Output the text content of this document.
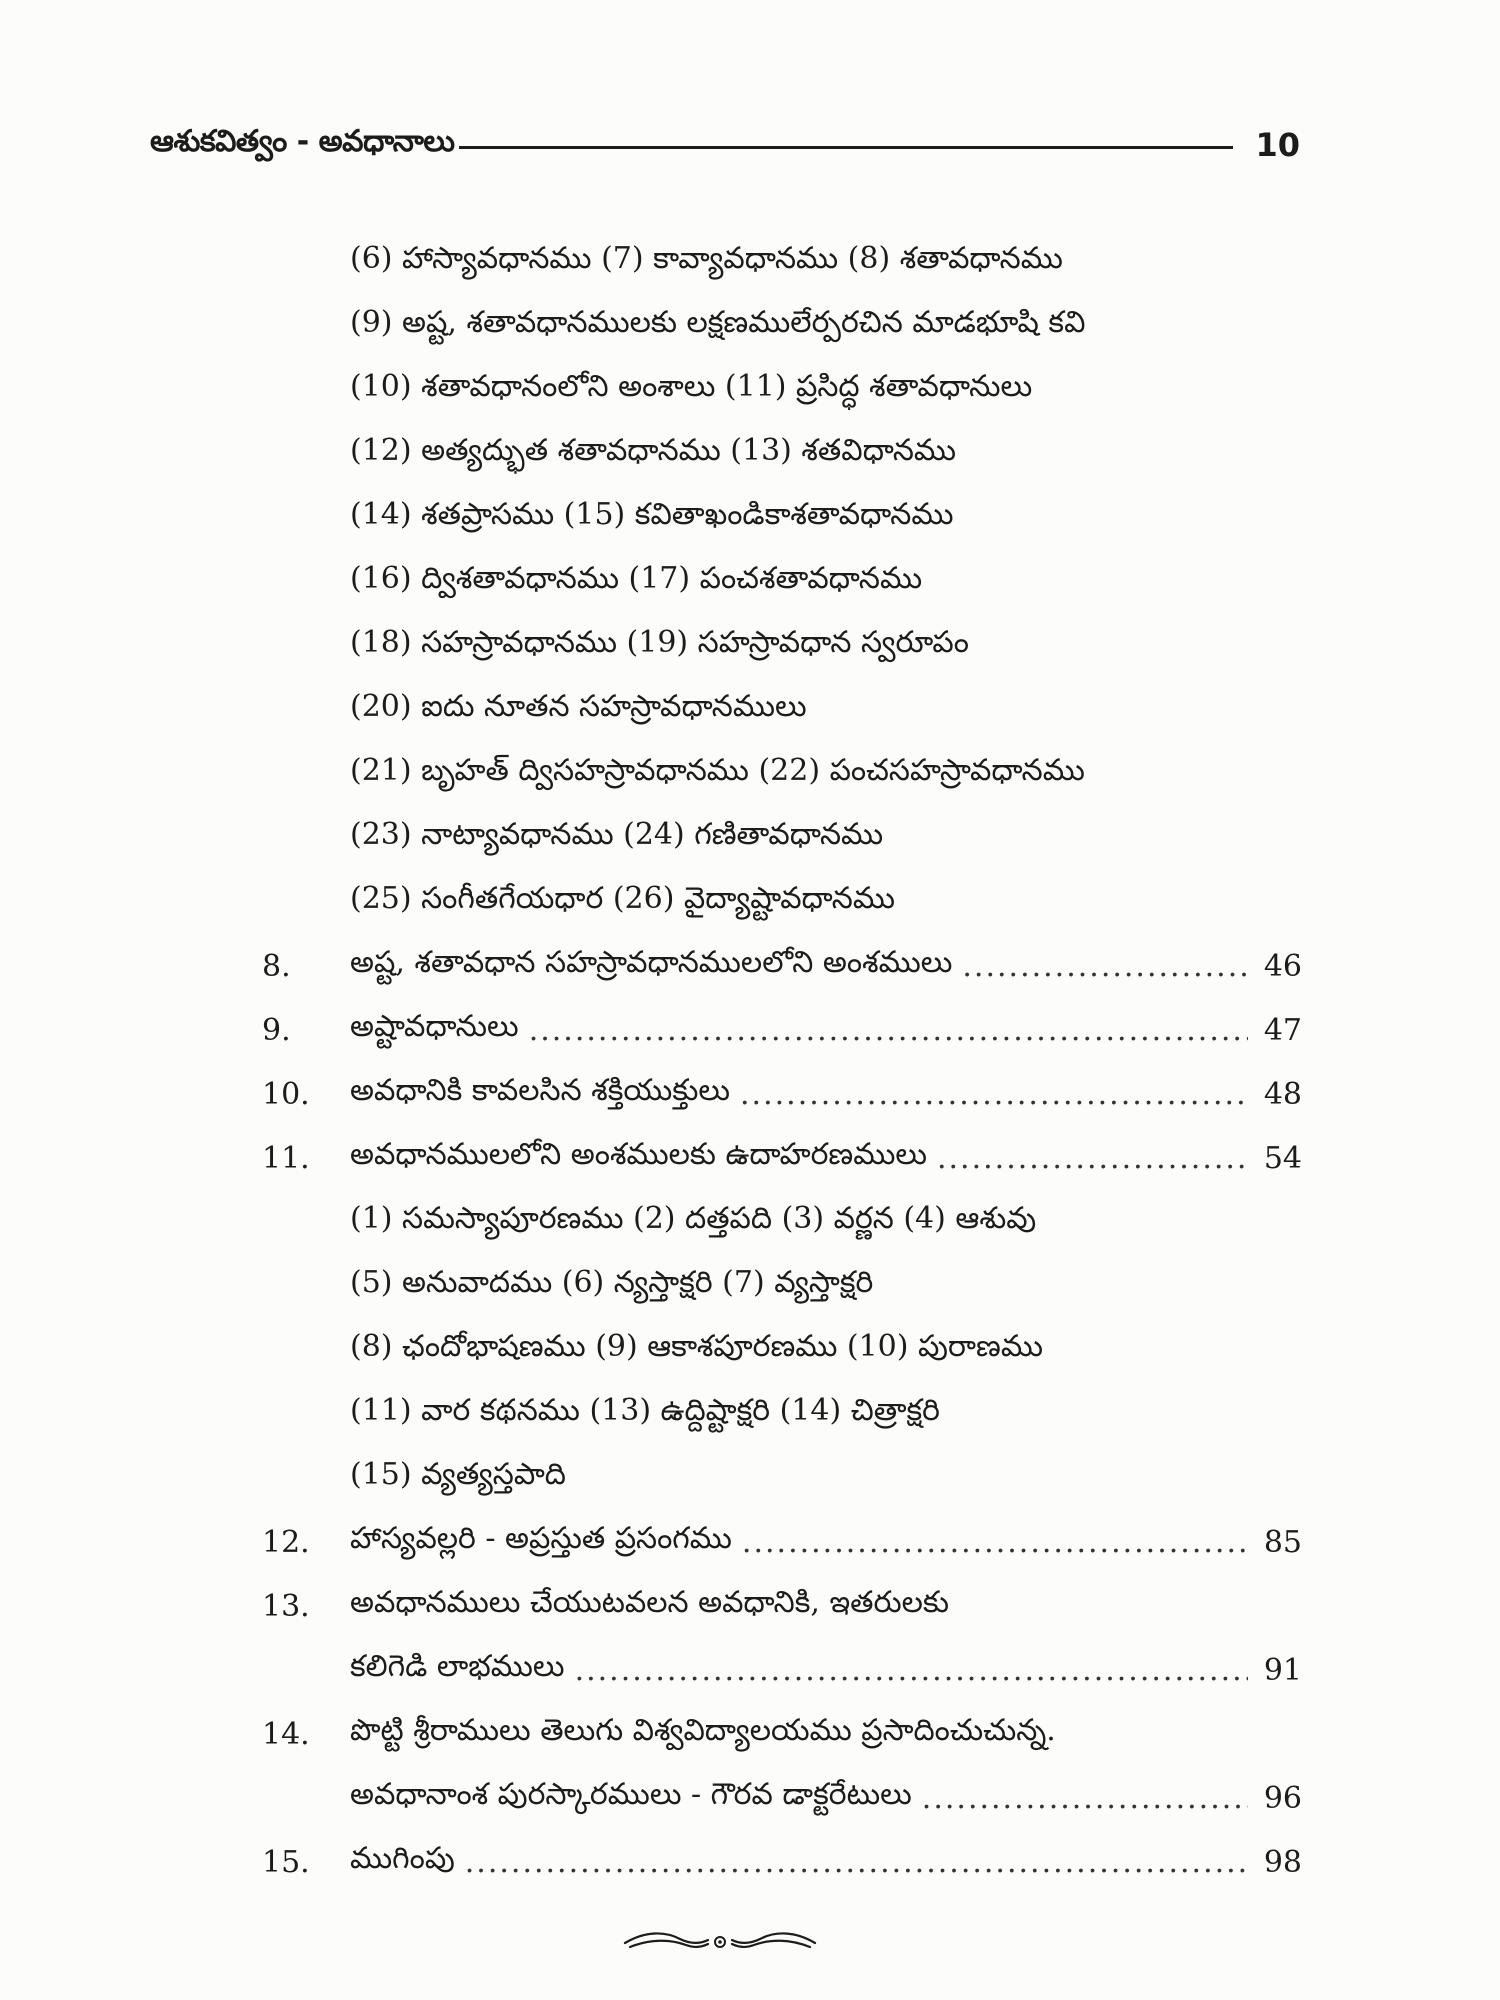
ఆశుకవిత్వం - అవధానాలు	10
(6) హాస్యావధానము (7) కావ్యావధానము (8) శతావధానము
(9) అష్ట, శతావధానములకు లక్షణములేర్పరచిన మాడభూషి కవి
(10) శతావధానంలోని అంశాలు (11) ప్రసిద్ధ శతావధానులు
(12) అత్యద్భుత శతావధానము (13) శతవిధానము
(14) శతప్రాసము (15) కవితాఖండికాశతావధానము
(16) ద్విశతావధానము (17) పంచశతావధానము
(18) సహస్రావధానము (19) సహస్రావధాన స్వరూపం
(20) ఐదు నూతన సహస్రావధానములు
(21) బృహత్ ద్విసహస్రావధానము (22) పంచసహస్రావధానము
(23) నాట్యావధానము (24) గణితావధానము
(25) సంగీతగేయధార (26) వైద్యాష్టావధానము
8.	అష్ట, శతావధాన సహస్రావధానములలోని అంశములు .....	46
9.	అష్టావధానులు .....	47
10.	అవధానికి కావలసిన శక్తియుక్తులు .....	48
11.	అవధానములలోని అంశములకు ఉదాహరణములు .....	54
(1) సమస్యాపూరణము (2) దత్తపది (3) వర్ణన (4) ఆశువు
(5) అనువాదము (6) న్యస్తాక్షరి (7) వ్యస్తాక్షరి
(8) ఛందోభాషణము (9) ఆకాశపూరణము (10) పురాణము
(11) వార కథనము (13) ఉద్దిష్టాక్షరి (14) చిత్రాక్షరి
(15) వ్యత్యస్తపాది
12.	హాస్యవల్లరి - అప్రస్తుత ప్రసంగము .....	85
13.	అవధానములు చేయుటవలన అవధానికి, ఇతరులకు
కలిగెడి లాభములు .....	91
14.	పొట్టి శ్రీరాములు తెలుగు విశ్వవిద్యాలయము ప్రసాదించుచున్న.
అవధానాంశ పురస్కారములు - గౌరవ డాక్టరేటులు .....	96
15.	ముగింపు .....	98
